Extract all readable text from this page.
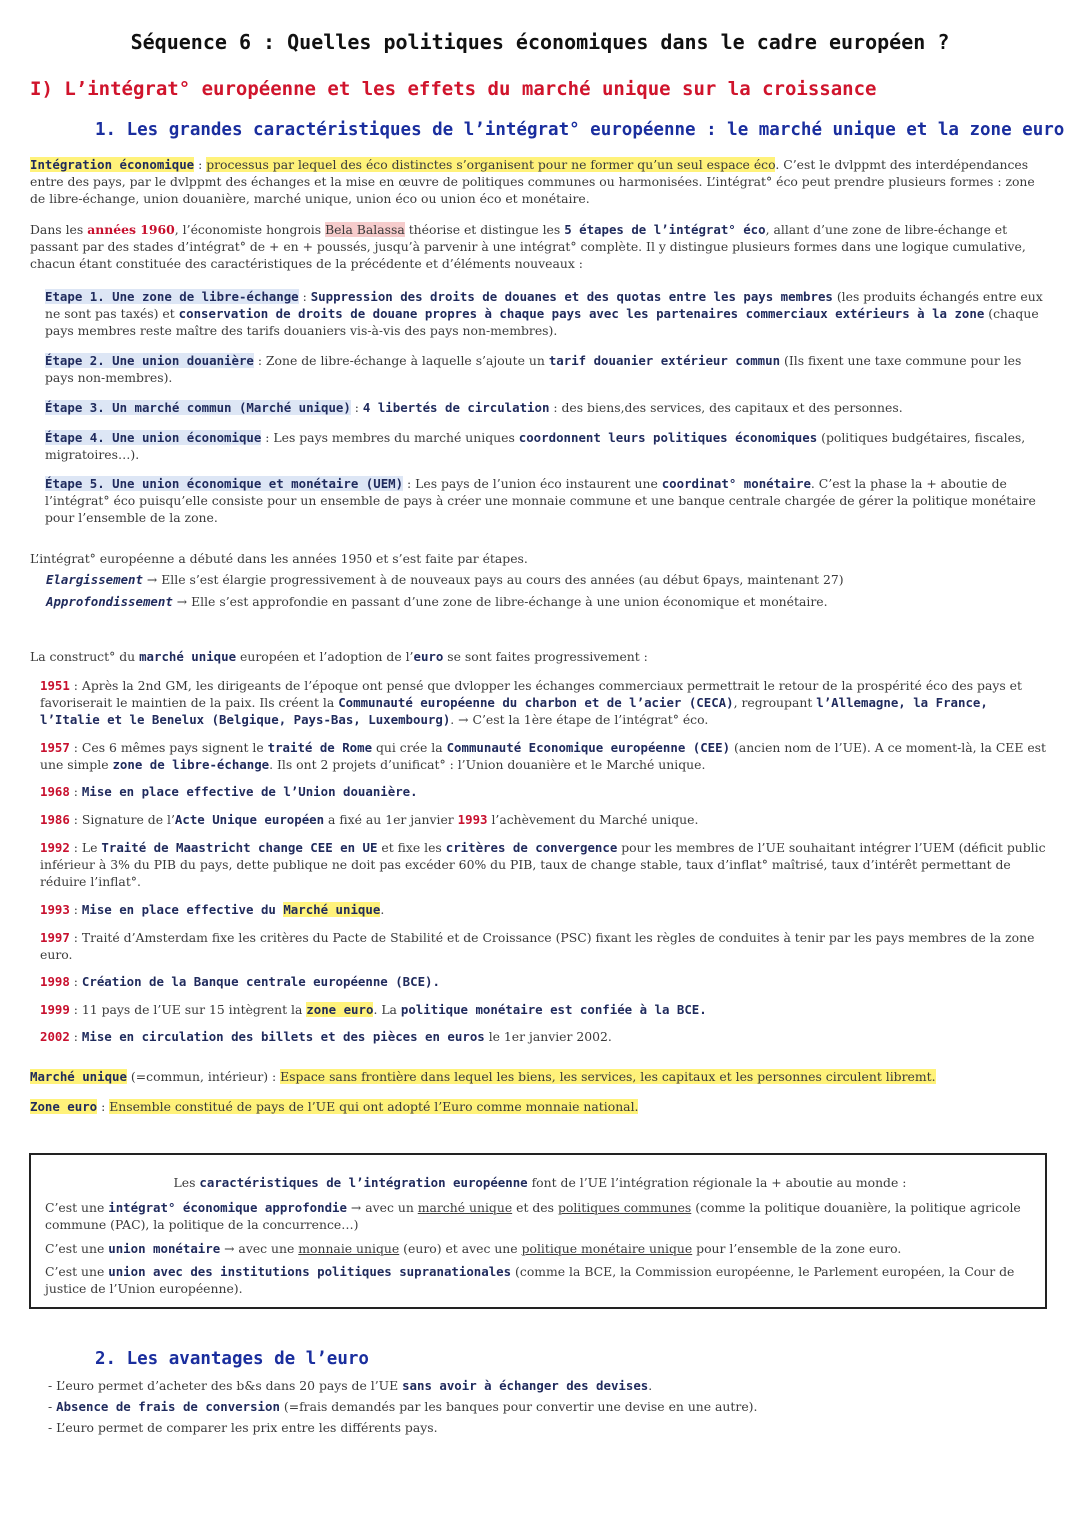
Séquence 6 : Quelles politiques économiques dans le cadre européen ?
I) L’intégrat° européenne et les effets du marché unique sur la croissance
1. Les grandes caractéristiques de l’intégrat° européenne : le marché unique et la zone euro
Intégration économique : processus par lequel des éco distinctes s’organisent pour ne former qu’un seul espace éco. C’est le dvlppmt des interdépendances entre des pays, par le dvlppmt des échanges et la mise en œuvre de politiques communes ou harmonisées. L’intégrat° éco peut prendre plusieurs formes : zone de libre-échange, union douanière, marché unique, union éco ou union éco et monétaire.
Dans les années 1960, l’économiste hongrois Bela Balassa théorise et distingue les 5 étapes de l’intégrat° éco, allant d’une zone de libre-échange et passant par des stades d’intégrat° de + en + poussés, jusqu’à parvenir à une intégrat° complète. Il y distingue plusieurs formes dans une logique cumulative, chacun étant constituée des caractéristiques de la précédente et d’éléments nouveaux :
Etape 1. Une zone de libre-échange : Suppression des droits de douanes et des quotas entre les pays membres (les produits échangés entre eux ne sont pas taxés) et conservation de droits de douane propres à chaque pays avec les partenaires commerciaux extérieurs à la zone (chaque pays membres reste maître des tarifs douaniers vis-à-vis des pays non-membres).
Étape 2. Une union douanière : Zone de libre-échange à laquelle s’ajoute un tarif douanier extérieur commun (Ils fixent une taxe commune pour les pays non-membres).
Étape 3. Un marché commun (Marché unique) : 4 libertés de circulation : des biens,des services, des capitaux et des personnes.
Étape 4. Une union économique : Les pays membres du marché uniques coordonnent leurs politiques économiques (politiques budgétaires, fiscales, migratoires…).
Étape 5. Une union économique et monétaire (UEM) : Les pays de l’union éco instaurent une coordinat° monétaire. C’est la phase la + aboutie de l’intégrat° éco puisqu’elle consiste pour un ensemble de pays à créer une monnaie commune et une banque centrale chargée de gérer la politique monétaire pour l’ensemble de la zone.
L’intégrat° européenne a débuté dans les années 1950 et s’est faite par étapes.
Elargissement → Elle s’est élargie progressivement à de nouveaux pays au cours des années (au début 6pays, maintenant 27)
Approfondissement → Elle s’est approfondie en passant d’une zone de libre-échange à une union économique et monétaire.
La construct° du marché unique européen et l’adoption de l’euro se sont faites progressivement :
1951 : Après la 2nd GM, les dirigeants de l’époque ont pensé que dvlopper les échanges commerciaux permettrait le retour de la prospérité éco des pays et favoriserait le maintien de la paix. Ils créent la Communauté européenne du charbon et de l’acier (CECA), regroupant l’Allemagne, la France, l’Italie et le Benelux (Belgique, Pays-Bas, Luxembourg). → C’est la 1ère étape de l’intégrat° éco.
1957 : Ces 6 mêmes pays signent le traité de Rome qui crée la Communauté Economique européenne (CEE) (ancien nom de l’UE). A ce moment-là, la CEE est une simple zone de libre-échange. Ils ont 2 projets d’unificat° : l’Union douanière et le Marché unique.
1968 : Mise en place effective de l’Union douanière.
1986 : Signature de l’Acte Unique européen a fixé au 1er janvier 1993 l’achèvement du Marché unique.
1992 : Le Traité de Maastricht change CEE en UE et fixe les critères de convergence pour les membres de l’UE souhaitant intégrer l’UEM (déficit public inférieur à 3% du PIB du pays, dette publique ne doit pas excéder 60% du PIB, taux de change stable, taux d’inflat° maîtrisé, taux d’intérêt permettant de réduire l’inflat°.
1993 : Mise en place effective du Marché unique.
1997 : Traité d’Amsterdam fixe les critères du Pacte de Stabilité et de Croissance (PSC) fixant les règles de conduites à tenir par les pays membres de la zone euro.
1998 : Création de la Banque centrale européenne (BCE).
1999 : 11 pays de l’UE sur 15 intègrent la zone euro. La politique monétaire est confiée à la BCE.
2002 : Mise en circulation des billets et des pièces en euros le 1er janvier 2002.
Marché unique (=commun, intérieur) : Espace sans frontière dans lequel les biens, les services, les capitaux et les personnes circulent libremt.
Zone euro : Ensemble constitué de pays de l’UE qui ont adopté l’Euro comme monnaie national.
Les caractéristiques de l’intégration européenne font de l’UE l’intégration régionale la + aboutie au monde :
C’est une intégrat° économique approfondie → avec un marché unique et des politiques communes (comme la politique douanière, la politique agricole commune (PAC), la politique de la concurrence…)
C’est une union monétaire → avec une monnaie unique (euro) et avec une politique monétaire unique pour l’ensemble de la zone euro.
C’est une union avec des institutions politiques supranationales (comme la BCE, la Commission européenne, le Parlement européen, la Cour de justice de l’Union européenne).
2. Les avantages de l’euro
- L’euro permet d’acheter des b&s dans 20 pays de l’UE sans avoir à échanger des devises.
- Absence de frais de conversion (=frais demandés par les banques pour convertir une devise en une autre).
- L’euro permet de comparer les prix entre les différents pays.
